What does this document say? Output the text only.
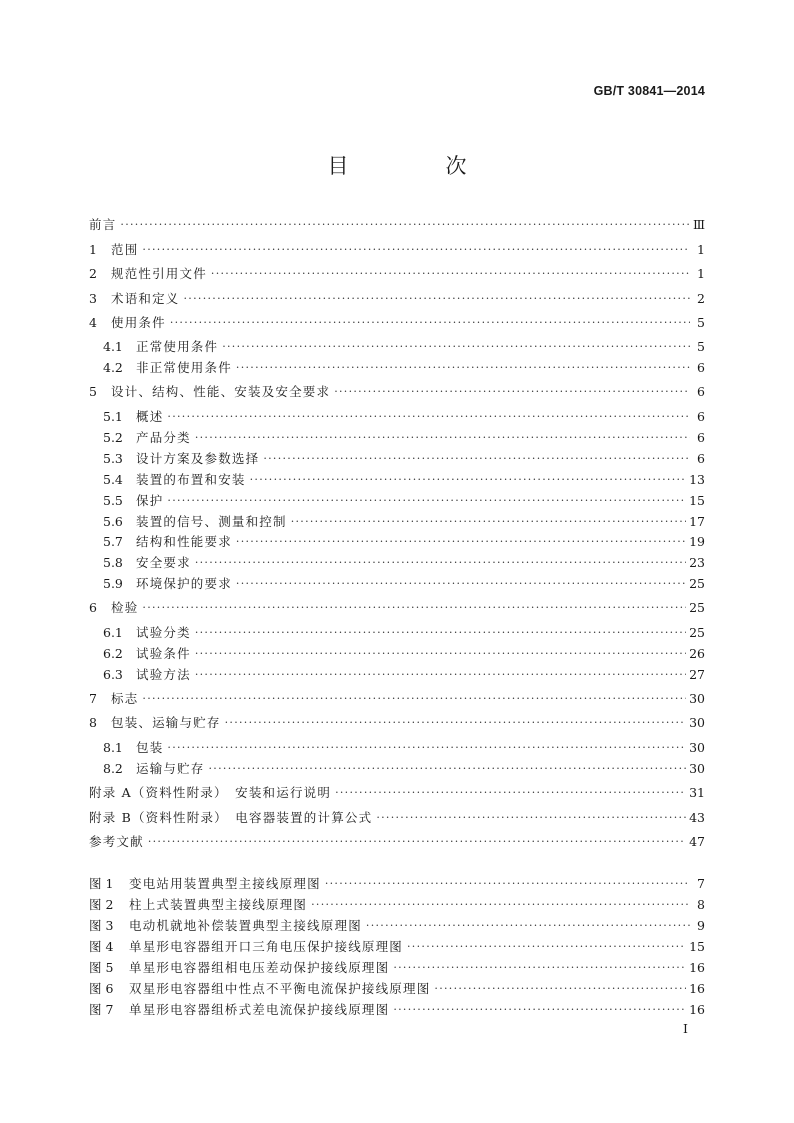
GB/T 30841—2014
目　次
前言 ·····	Ⅲ
1	范围 ·····	1
2	规范性引用文件 ·····	1
3	术语和定义 ·····	2
4	使用条件 ·····	5
4.1	正常使用条件 ·····	5
4.2	非正常使用条件 ·····	6
5	设计、结构、性能、安装及安全要求 ·····	6
5.1	概述 ·····	6
5.2	产品分类 ·····	6
5.3	设计方案及参数选择 ·····	6
5.4	装置的布置和安装 ·····	13
5.5	保护 ·····	15
5.6	装置的信号、测量和控制 ·····	17
5.7	结构和性能要求 ·····	19
5.8	安全要求 ·····	23
5.9	环境保护的要求 ·····	25
6	检验 ·····	25
6.1	试验分类 ·····	25
6.2	试验条件 ·····	26
6.3	试验方法 ·····	27
7	标志 ·····	30
8	包装、运输与贮存 ·····	30
8.1	包装 ·····	30
8.2	运输与贮存 ·····	30
附录 A（资料性附录）　安装和运行说明 ·····	31
附录 B（资料性附录）　电容器装置的计算公式 ·····	43
参考文献 ·····	47
图 1	变电站用装置典型主接线原理图 ·····	7
图 2	柱上式装置典型主接线原理图 ·····	8
图 3	电动机就地补偿装置典型主接线原理图 ·····	9
图 4	单星形电容器组开口三角电压保护接线原理图 ·····	15
图 5	单星形电容器组相电压差动保护接线原理图 ·····	16
图 6	双星形电容器组中性点不平衡电流保护接线原理图 ·····	16
图 7	单星形电容器组桥式差电流保护接线原理图 ·····	16
I
